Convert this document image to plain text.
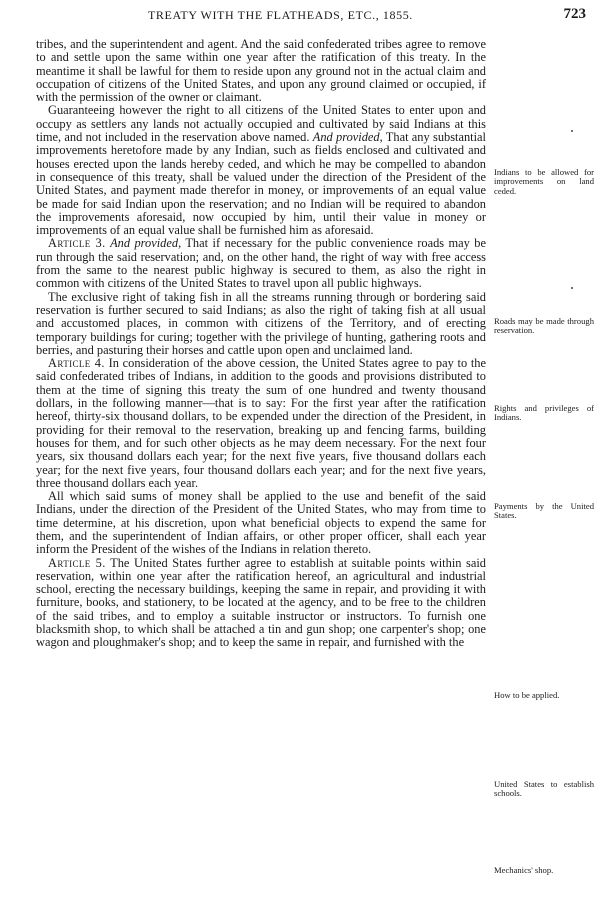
TREATY WITH THE FLATHEADS, ETC., 1855.	723

tribes, and the superintendent and agent. And the said confederated tribes agree to remove to and settle upon the same within one year after the ratification of this treaty. In the meantime it shall be lawful for them to reside upon any ground not in the actual claim and occupation of citizens of the United States, and upon any ground claimed or occupied, if with the permission of the owner or claimant.

Guaranteeing however the right to all citizens of the United States to enter upon and occupy as settlers any lands not actually occupied and cultivated by said Indians at this time, and not included in the reservation above named. And provided, That any substantial improvements heretofore made by any Indian, such as fields enclosed and cultivated and houses erected upon the lands hereby ceded, and which he may be compelled to abandon in consequence of this treaty, shall be valued under the direction of the President of the United States, and payment made therefor in money, or improvements of an equal value be made for said Indian upon the reservation; and no Indian will be required to abandon the improvements aforesaid, now occupied by him, until their value in money or improvements of an equal value shall be furnished him as aforesaid.

Article 3. And provided, That if necessary for the public convenience roads may be run through the said reservation; and, on the other hand, the right of way with free access from the same to the nearest public highway is secured to them, as also the right in common with citizens of the United States to travel upon all public highways.

The exclusive right of taking fish in all the streams running through or bordering said reservation is further secured to said Indians; as also the right of taking fish at all usual and accustomed places, in common with citizens of the Territory, and of erecting temporary buildings for curing; together with the privilege of hunting, gathering roots and berries, and pasturing their horses and cattle upon open and unclaimed land.

Article 4. In consideration of the above cession, the United States agree to pay to the said confederated tribes of Indians, in addition to the goods and provisions distributed to them at the time of signing this treaty the sum of one hundred and twenty thousand dollars, in the following manner—that is to say: For the first year after the ratification hereof, thirty-six thousand dollars, to be expended under the direction of the President, in providing for their removal to the reservation, breaking up and fencing farms, building houses for them, and for such other objects as he may deem necessary. For the next four years, six thousand dollars each year; for the next five years, five thousand dollars each year; for the next five years, four thousand dollars each year; and for the next five years, three thousand dollars each year.

All which said sums of money shall be applied to the use and benefit of the said Indians, under the direction of the President of the United States, who may from time to time determine, at his discretion, upon what beneficial objects to expend the same for them, and the superintendent of Indian affairs, or other proper officer, shall each year inform the President of the wishes of the Indians in relation thereto.

Article 5. The United States further agree to establish at suitable points within said reservation, within one year after the ratification hereof, an agricultural and industrial school, erecting the necessary buildings, keeping the same in repair, and providing it with furniture, books, and stationery, to be located at the agency, and to be free to the children of the said tribes, and to employ a suitable instructor or instructors. To furnish one blacksmith shop, to which shall be attached a tin and gun shop; one carpenter's shop; one wagon and ploughmaker's shop; and to keep the same in repair, and furnished with the

Indians to be allowed for improvements on land ceded.
Roads may be made through reservation.
Rights and privileges of Indians.
Payments by the United States.
How to be applied.
United States to establish schools.
Mechanics' shop.
